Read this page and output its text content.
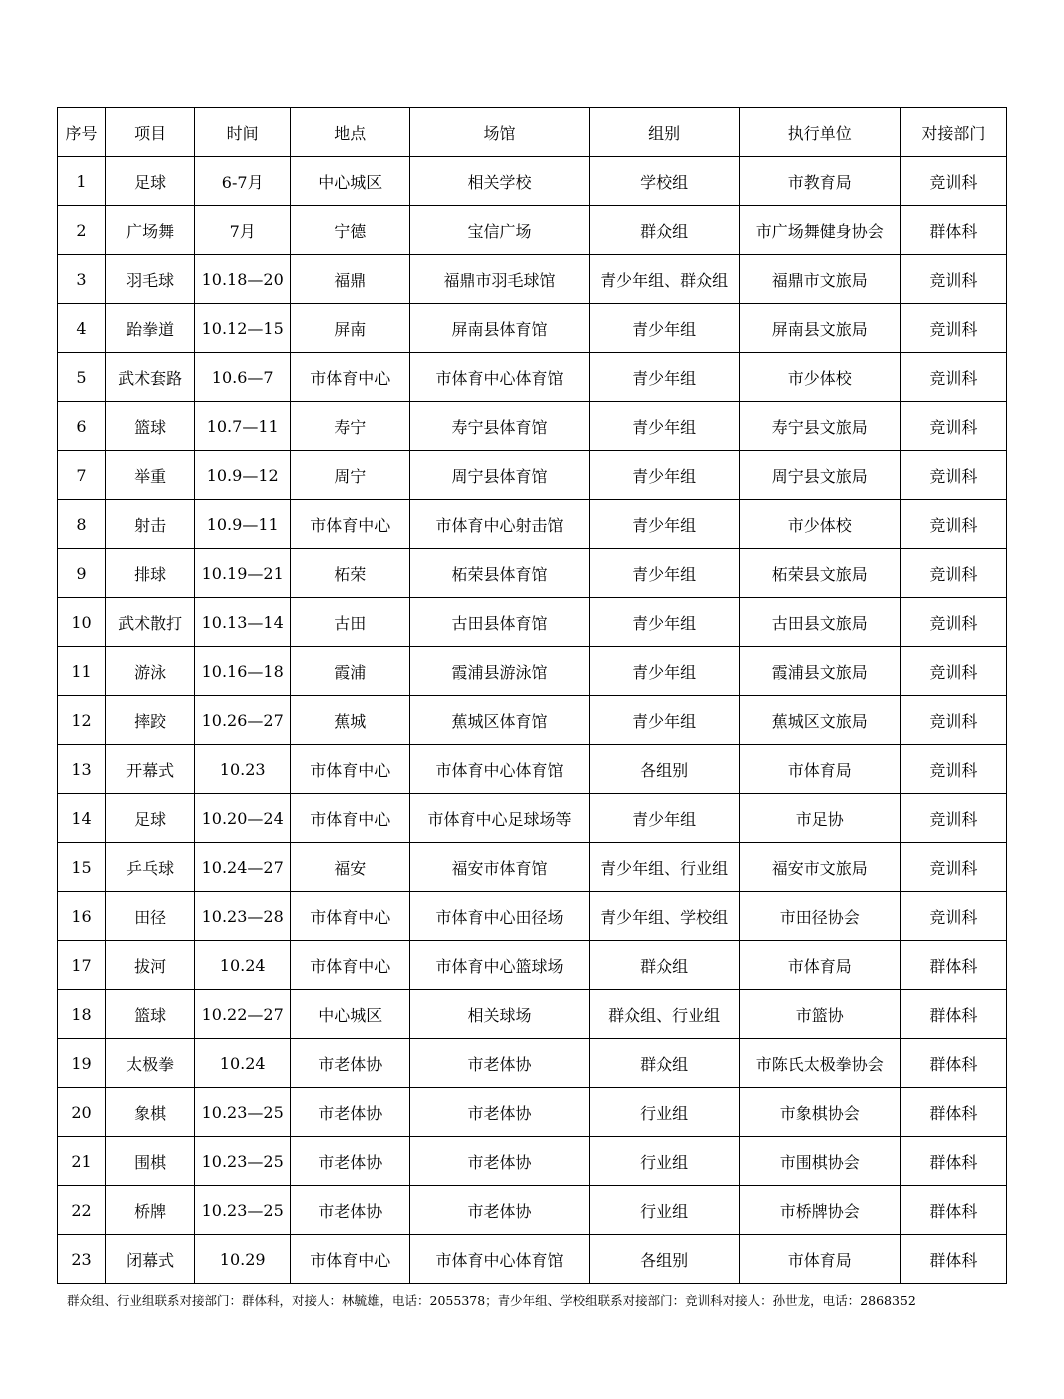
序号	项目	时间	地点	场馆	组别	执行单位	对接部门
1	足球	6-7月	中心城区	相关学校	学校组	市教育局	竞训科
2	广场舞	7月	宁德	宝信广场	群众组	市广场舞健身协会	群体科
3	羽毛球	10.18—20	福鼎	福鼎市羽毛球馆	青少年组、群众组	福鼎市文旅局	竞训科
4	跆拳道	10.12—15	屏南	屏南县体育馆	青少年组	屏南县文旅局	竞训科
5	武术套路	10.6—7	市体育中心	市体育中心体育馆	青少年组	市少体校	竞训科
6	篮球	10.7—11	寿宁	寿宁县体育馆	青少年组	寿宁县文旅局	竞训科
7	举重	10.9—12	周宁	周宁县体育馆	青少年组	周宁县文旅局	竞训科
8	射击	10.9—11	市体育中心	市体育中心射击馆	青少年组	市少体校	竞训科
9	排球	10.19—21	柘荣	柘荣县体育馆	青少年组	柘荣县文旅局	竞训科
10	武术散打	10.13—14	古田	古田县体育馆	青少年组	古田县文旅局	竞训科
11	游泳	10.16—18	霞浦	霞浦县游泳馆	青少年组	霞浦县文旅局	竞训科
12	摔跤	10.26—27	蕉城	蕉城区体育馆	青少年组	蕉城区文旅局	竞训科
13	开幕式	10.23	市体育中心	市体育中心体育馆	各组别	市体育局	竞训科
14	足球	10.20—24	市体育中心	市体育中心足球场等	青少年组	市足协	竞训科
15	乒乓球	10.24—27	福安	福安市体育馆	青少年组、行业组	福安市文旅局	竞训科
16	田径	10.23—28	市体育中心	市体育中心田径场	青少年组、学校组	市田径协会	竞训科
17	拔河	10.24	市体育中心	市体育中心篮球场	群众组	市体育局	群体科
18	篮球	10.22—27	中心城区	相关球场	群众组、行业组	市篮协	群体科
19	太极拳	10.24	市老体协	市老体协	群众组	市陈氏太极拳协会	群体科
20	象棋	10.23—25	市老体协	市老体协	行业组	市象棋协会	群体科
21	围棋	10.23—25	市老体协	市老体协	行业组	市围棋协会	群体科
22	桥牌	10.23—25	市老体协	市老体协	行业组	市桥牌协会	群体科
23	闭幕式	10.29	市体育中心	市体育中心体育馆	各组别	市体育局	群体科
群众组、行业组联系对接部门：群体科，对接人：林毓雄，电话：2055378；青少年组、学校组联系对接部门：竞训科对接人：孙世龙，电话：2868352
